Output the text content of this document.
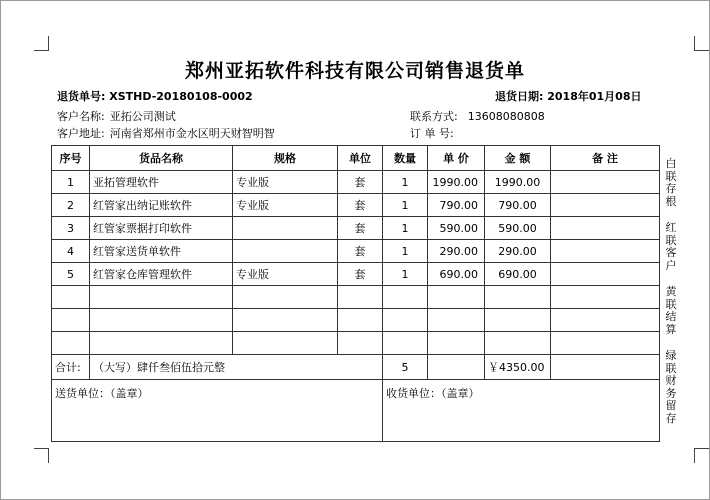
郑州亚拓软件科技有限公司销售退货单
退货单号: XSTHD-20180108-0002	退货日期: 2018年01月08日
客户名称: 亚拓公司测试	联系方式: 13608080808
客户地址: 河南省郑州市金水区明天财智明智	订 单 号:
序号	货品名称	规格	单位	数量	单 价	金 额	备 注
1	亚拓管理软件	专业版	套	1	1990.00	1990.00	
2	红管家出纳记账软件	专业版	套	1	790.00	790.00	
3	红管家票据打印软件		套	1	590.00	590.00	
4	红管家送货单软件		套	1	290.00	290.00	
5	红管家仓库管理软件	专业版	套	1	690.00	690.00	

合计:	（大写）肆仟叁佰伍拾元整			5		￥4350.00	
送货单位：（盖章）				收货单位：（盖章）			
白联存根
红联客户
黄联结算
绿联财务留存
